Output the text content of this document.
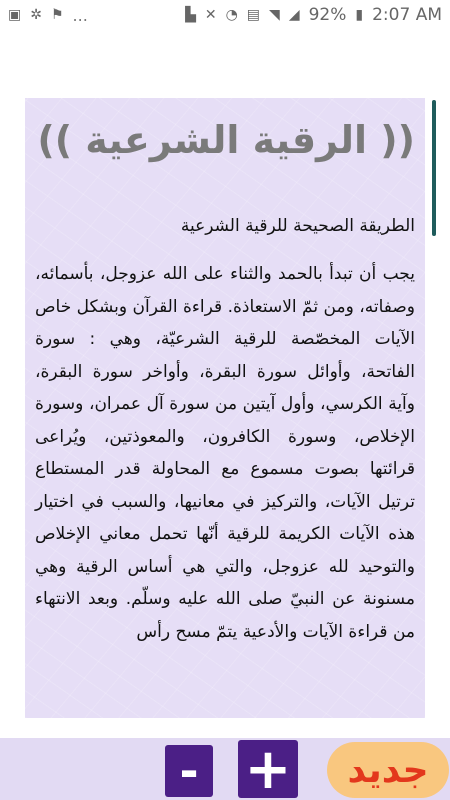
▣ ✲ ⚑ ...	▙ ✕ ◔ ▤ ◥ ◢ 92% ▮ 2:07 AM
(( الرقية الشرعية ))
الطريقة الصحيحة للرقية الشرعية
يجب أن تبدأ بالحمد والثناء على الله عزوجل، بأسمائه، وصفاته، ومن ثمّ الاستعاذة. قراءة القرآن وبشكل خاص الآيات المخصّصة للرقية الشرعيّة، وهي : سورة الفاتحة، وأوائل سورة البقرة، وأواخر سورة البقرة، وآية الكرسي، وأول آيتين من سورة آل عمران، وسورة الإخلاص، وسورة الكافرون، والمعوذتين، ويُراعى قرائتها بصوت مسموع مع المحاولة قدر المستطاع ترتيل الآيات، والتركيز في معانيها، والسبب في اختيار هذه الآيات الكريمة للرقية أنّها تحمل معاني الإخلاص والتوحيد لله عزوجل، والتي هي أساس الرقية وهي مسنونة عن النبيّ صلى الله عليه وسلّم. وبعد الانتهاء من قراءة الآيات والأدعية يتمّ مسح رأس
- +	جديد
